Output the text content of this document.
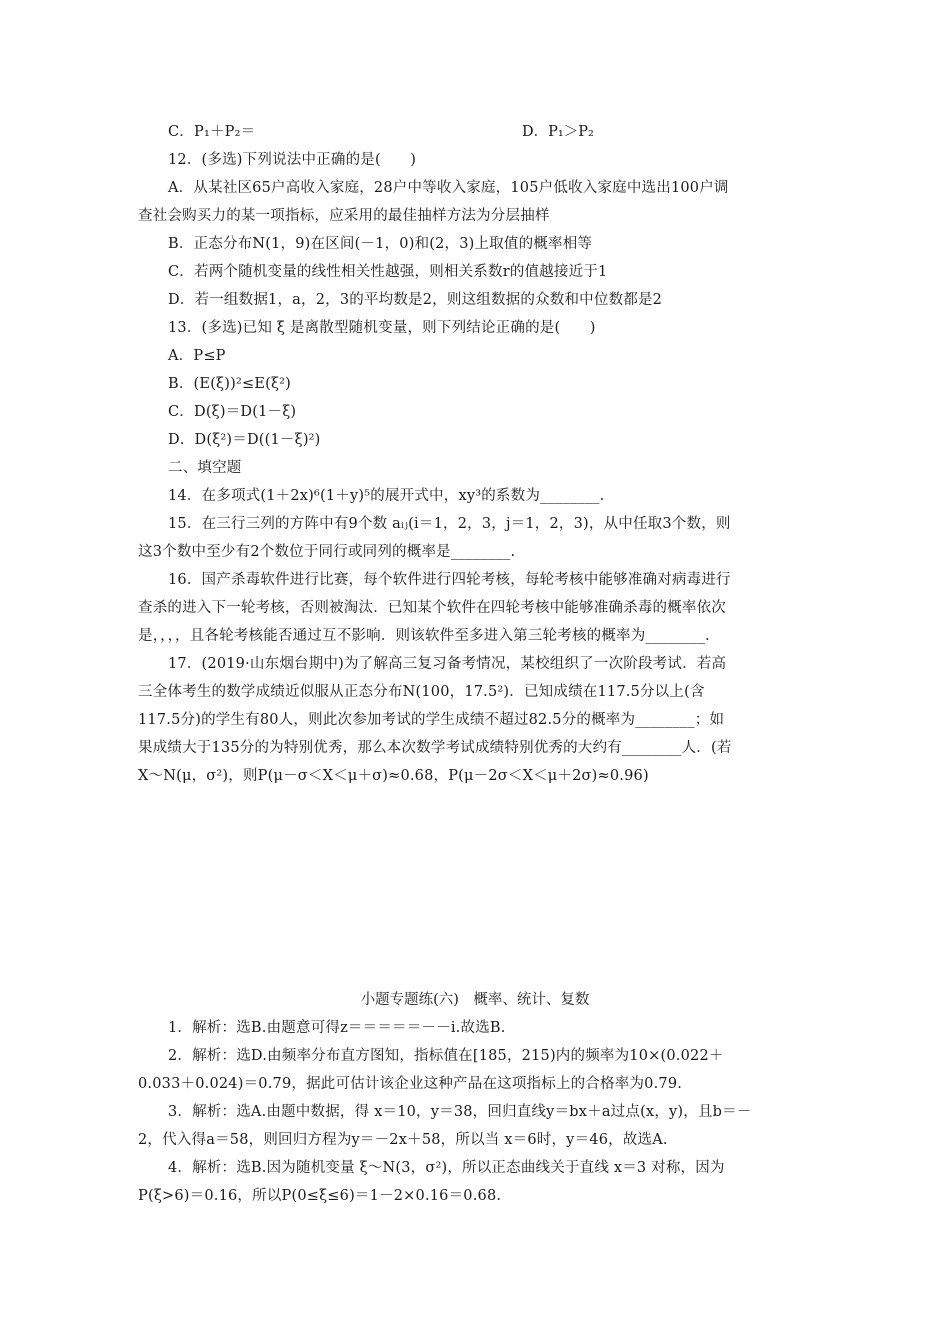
C．P₁＋P₂＝	D．P₁＞P₂
12．(多选)下列说法中正确的是(　　)
A．从某社区65户高收入家庭，28户中等收入家庭，105户低收入家庭中选出100户调
查社会购买力的某一项指标，应采用的最佳抽样方法为分层抽样
B．正态分布N(1，9)在区间(－1，0)和(2，3)上取值的概率相等
C．若两个随机变量的线性相关性越强，则相关系数r的值越接近于1
D．若一组数据1，a，2，3的平均数是2，则这组数据的众数和中位数都是2
13．(多选)已知 ξ 是离散型随机变量，则下列结论正确的是(　　)
A．P≤P
B．(E(ξ))²≤E(ξ²)
C．D(ξ)＝D(1－ξ)
D．D(ξ²)＝D((1－ξ)²)
二、填空题
14．在多项式(1＋2x)⁶(1＋y)⁵的展开式中，xy³的系数为________.
15．在三行三列的方阵中有9个数 aᵢⱼ(i＝1，2，3，j＝1，2，3)，从中任取3个数，则
这3个数中至少有2个数位于同行或同列的概率是________.
16．国产杀毒软件进行比赛，每个软件进行四轮考核，每轮考核中能够准确对病毒进行
查杀的进入下一轮考核，否则被淘汰．已知某个软件在四轮考核中能够准确杀毒的概率依次
是，，，，且各轮考核能否通过互不影响．则该软件至多进入第三轮考核的概率为________.
17．(2019·山东烟台期中)为了解高三复习备考情况，某校组织了一次阶段考试．若高
三全体考生的数学成绩近似服从正态分布N(100，17.5²)．已知成绩在117.5分以上(含
117.5分)的学生有80人，则此次参加考试的学生成绩不超过82.5分的概率为________；如
果成绩大于135分的为特别优秀，那么本次数学考试成绩特别优秀的大约有________人．(若
X～N(μ，σ²)，则P(μ－σ＜X＜μ＋σ)≈0.68，P(μ－2σ＜X＜μ＋2σ)≈0.96)
小题专题练(六)　概率、统计、复数
1．解析：选B.由题意可得z＝＝＝＝＝－－i.故选B.
2．解析：选D.由频率分布直方图知，指标值在[185，215)内的频率为10×(0.022＋
0.033＋0.024)＝0.79，据此可估计该企业这种产品在这项指标上的合格率为0.79.
3．解析：选A.由题中数据，得 x＝10，y＝38，回归直线y＝bx＋a过点(x，y)，且b＝－
2，代入得a＝58，则回归方程为y＝－2x＋58，所以当 x＝6时，y＝46，故选A.
4．解析：选B.因为随机变量 ξ～N(3，σ²)，所以正态曲线关于直线 x＝3 对称，因为
P(ξ>6)＝0.16，所以P(0≤ξ≤6)＝1－2×0.16＝0.68.
